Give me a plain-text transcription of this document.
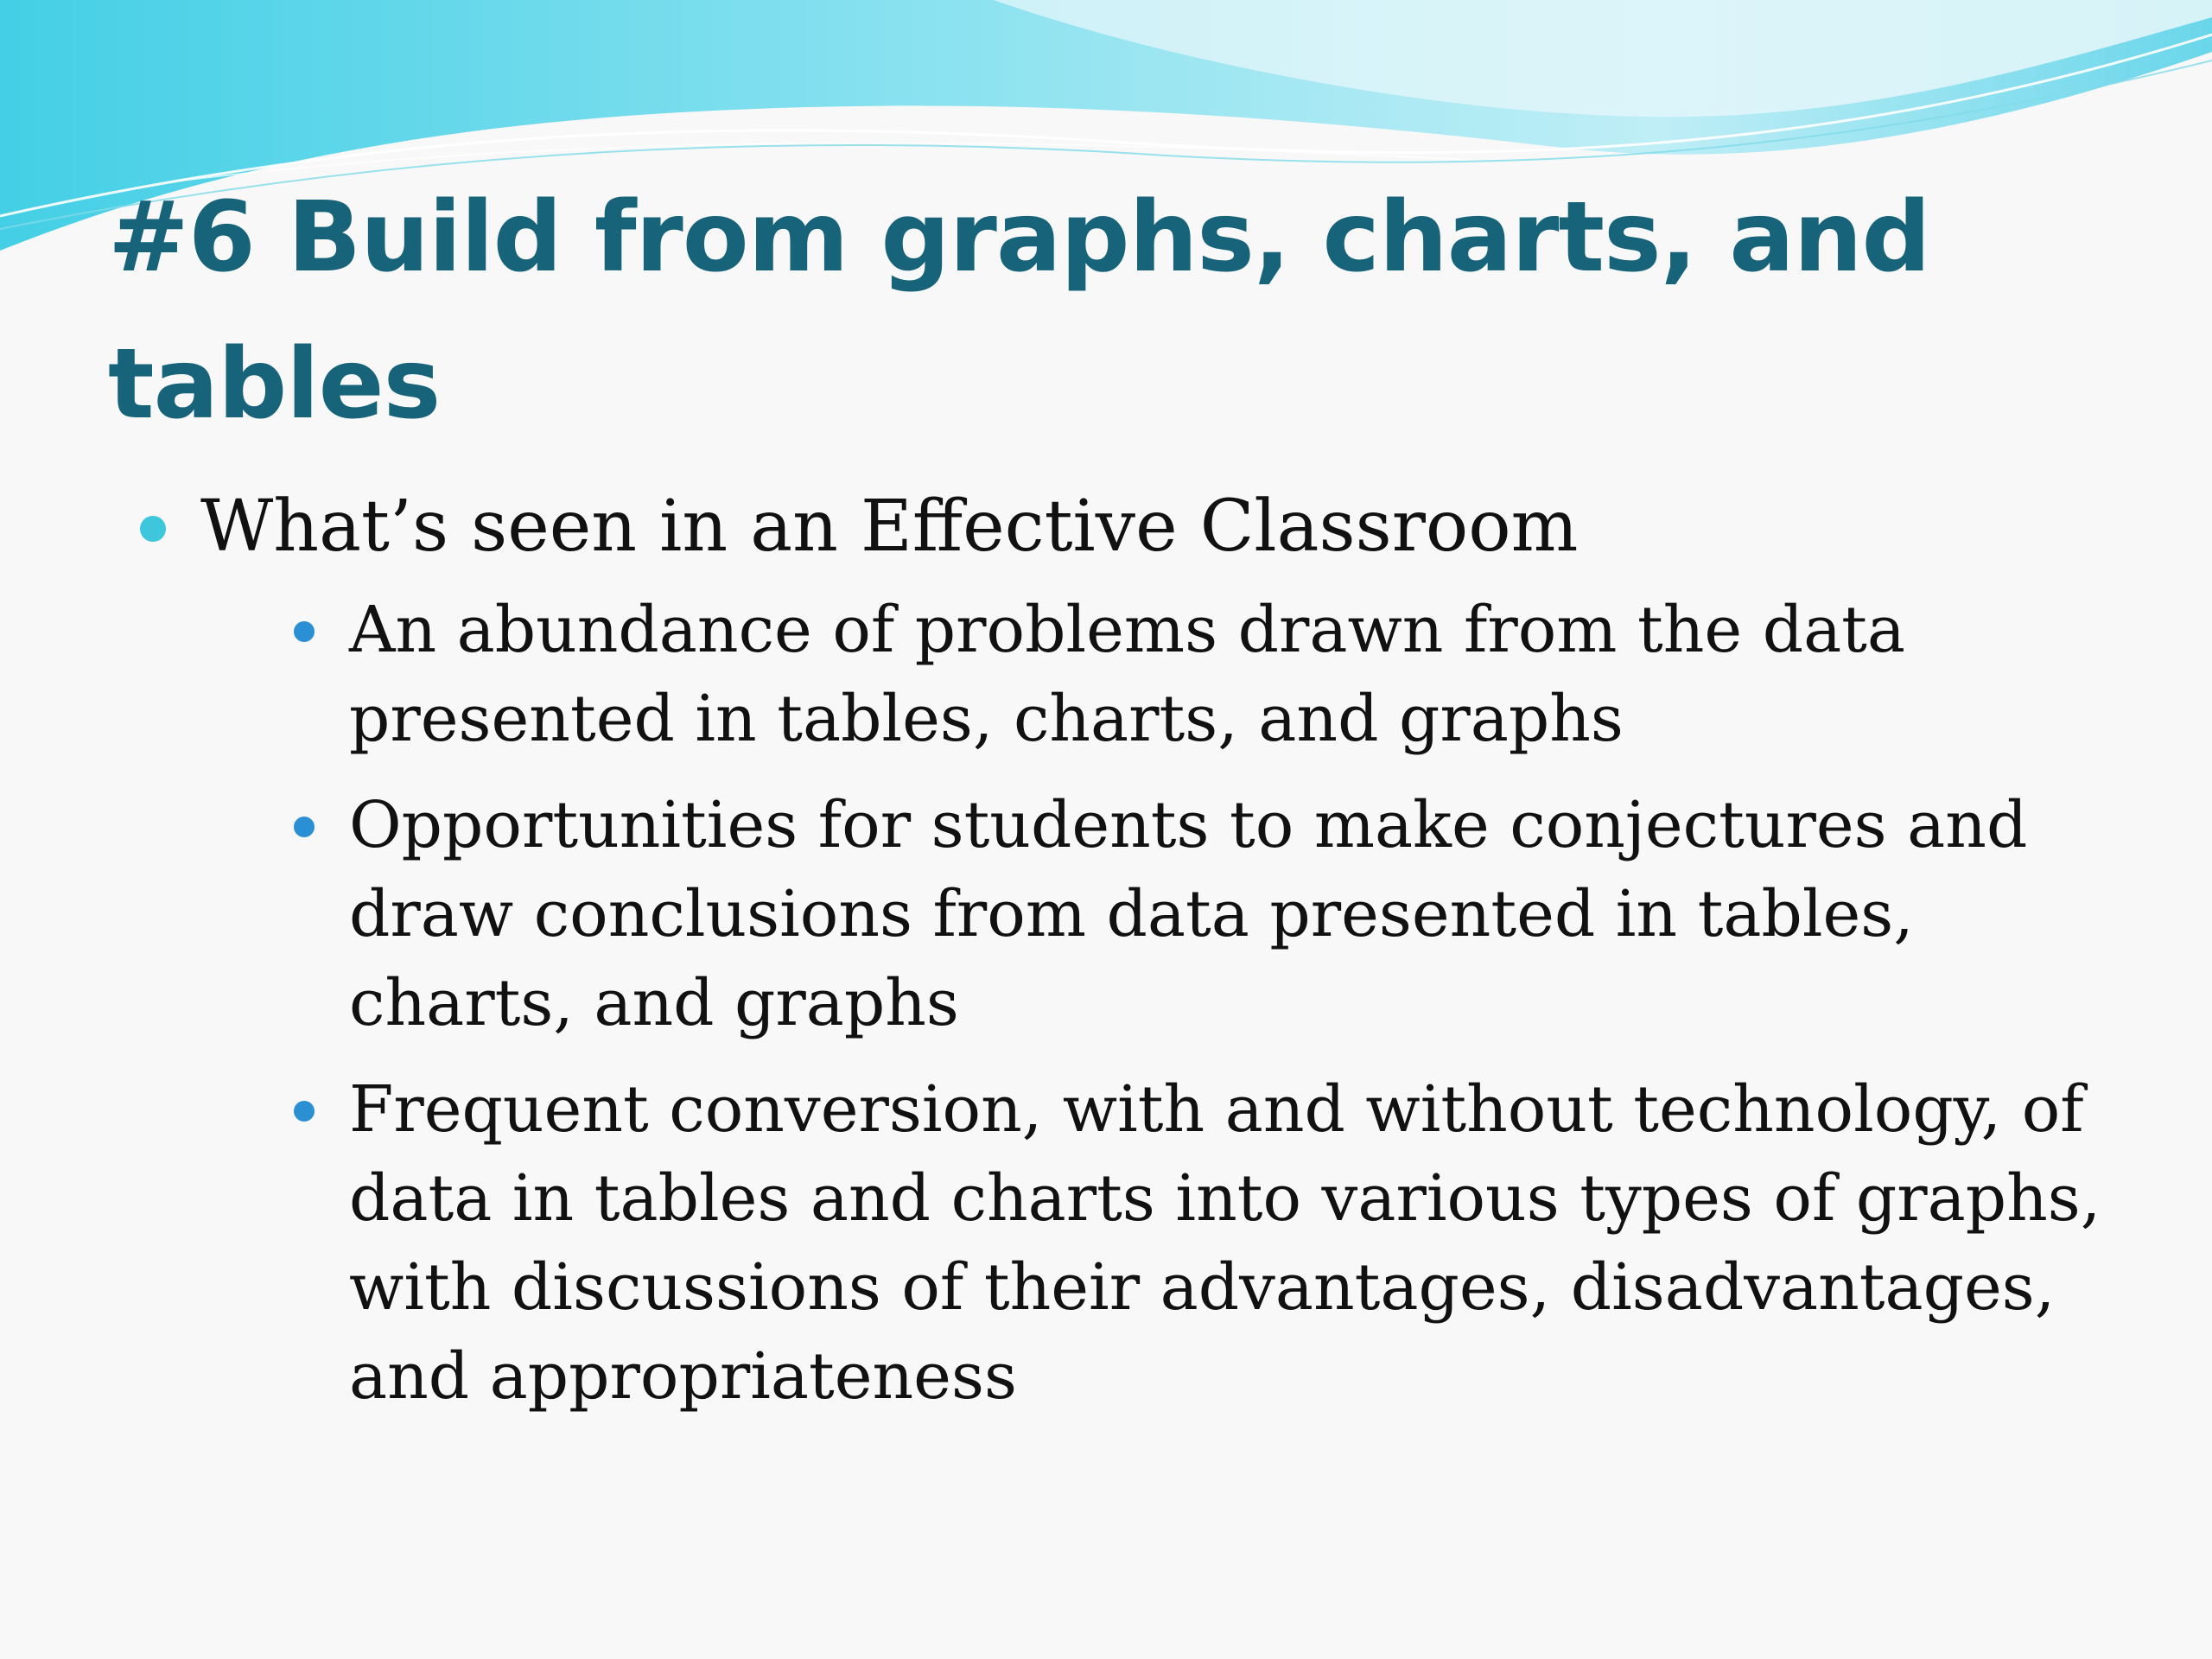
#6 Build from graphs, charts, and tables
What’s seen in an Effective Classroom
An abundance of problems drawn from the data presented in tables, charts, and graphs
Opportunities for students to make conjectures and draw conclusions from data presented in tables, charts, and graphs
Frequent conversion, with and without technology, of data in tables and charts into various types of graphs, with discussions of their advantages, disadvantages, and appropriateness
